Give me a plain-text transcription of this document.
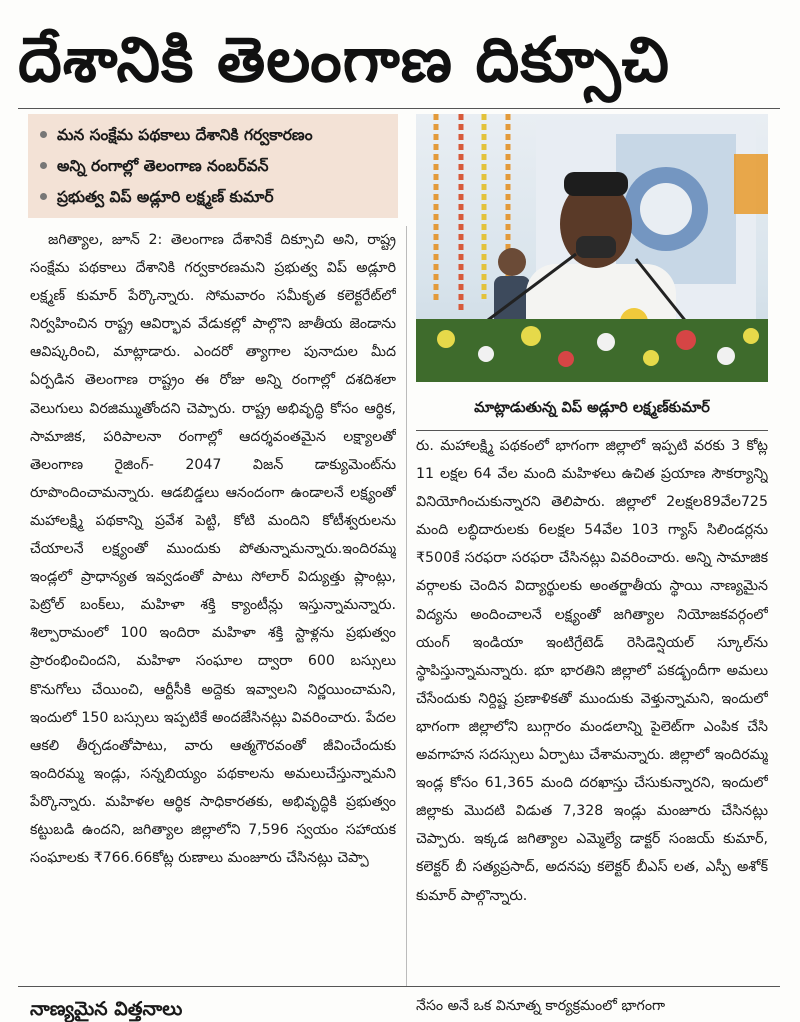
దేశానికి తెలంగాణ దిక్సూచి
మన సంక్షేమ పథకాలు దేశానికి గర్వకారణం
అన్ని రంగాల్లో తెలంగాణ నంబర్‌వన్
ప్రభుత్వ విప్ అడ్లూరి లక్ష్మణ్ కుమార్
మాట్లాడుతున్న విప్ అడ్లూరి లక్ష్మణ్‌కుమార్

జగిత్యాల, జూన్ 2: తెలంగాణ దేశానికే దిక్సూచి అని, రాష్ట్ర సంక్షేమ పథకాలు దేశానికి గర్వకారణమని ప్రభుత్వ విప్ అడ్లూరి లక్ష్మణ్ కుమార్ పేర్కొన్నారు. సోమవారం సమీకృత కలెక్టరేట్‌లో నిర్వహించిన రాష్ట్ర ఆవిర్భావ వేడుకల్లో పాల్గొని జాతీయ జెండాను ఆవిష్కరించి, మాట్లాడారు. ఎందరో త్యాగాల పునాదుల మీద ఏర్పడిన తెలంగాణ రాష్ట్రం ఈ రోజు అన్ని రంగాల్లో దశదిశలా వెలుగులు విరజిమ్ముతోందని చెప్పారు. రాష్ట్ర అభివృద్ధి కోసం ఆర్థిక, సామాజిక, పరిపాలనా రంగాల్లో ఆదర్శవంతమైన లక్ష్యాలతో తెలంగాణ రైజింగ్- 2047 విజన్ డాక్యుమెంట్‌ను రూపొందించామన్నారు. ఆడబిడ్డలు ఆనందంగా ఉండాలనే లక్ష్యంతో మహాలక్ష్మి పథకాన్ని ప్రవేశ పెట్టి, కోటి మందిని కోటీశ్వరులను చేయాలనే లక్ష్యంతో ముందుకు పోతున్నామన్నారు.ఇందిరమ్మ ఇండ్లలో ప్రాధాన్యత ఇవ్వడంతో పాటు సోలార్ విద్యుత్తు ప్లాంట్లు, పెట్రోల్ బంక్‌లు, మహిళా శక్తి క్యాంటీన్లు ఇస్తున్నామన్నారు. శిల్పారామంలో 100 ఇందిరా మహిళా శక్తి స్టాళ్లను ప్రభుత్వం ప్రారంభించిందని, మహిళా సంఘాల ద్వారా 600 బస్సులు కొనుగోలు చేయించి, ఆర్టీసీకి అద్దెకు ఇవ్వాలని నిర్ణయించామని, ఇందులో 150 బస్సులు ఇప్పటికే అందజేసినట్లు వివరించారు. పేదల ఆకలి తీర్చడంతోపాటు, వారు ఆత్మగౌరవంతో జీవించేందుకు ఇందిరమ్మ ఇండ్లు, సన్నబియ్యం పథకాలను అమలుచేస్తున్నామని పేర్కొన్నారు. మహిళల ఆర్థిక సాధికారతకు, అభివృద్ధికి ప్రభుత్వం కట్టుబడి ఉందని, జగిత్యాల జిల్లాలోని 7,596 స్వయం సహాయక సంఘాలకు ₹766.66కోట్ల రుణాలు మంజూరు చేసినట్లు చెప్పా

రు. మహాలక్ష్మి పథకంలో భాగంగా జిల్లాలో ఇప్పటి వరకు 3 కోట్ల 11 లక్షల 64 వేల మంది మహిళలు ఉచిత ప్రయాణ సౌకర్యాన్ని వినియోగించుకున్నారని తెలిపారు. జిల్లాలో 2లక్షల89వేల725 మంది లబ్ధిదారులకు 6లక్షల 54వేల 103 గ్యాస్ సిలిండర్లను ₹500కే సరఫరా సరఫరా చేసినట్లు వివరించారు. అన్ని సామాజిక వర్గాలకు చెందిన విద్యార్థులకు అంతర్జాతీయ స్థాయి నాణ్యమైన విద్యను అందించాలనే లక్ష్యంతో జగిత్యాల నియోజకవర్గంలో యంగ్ ఇండియా ఇంటిగ్రేటెడ్ రెసిడెన్షియల్ స్కూల్‌ను స్థాపిస్తున్నామన్నారు. భూ భారతిని జిల్లాలో పకడ్బందీగా అమలు చేసేందుకు నిర్దిష్ట ప్రణాళికతో ముందుకు వెళ్తున్నామని, ఇందులో భాగంగా జిల్లాలోని బుగ్గారం మండలాన్ని పైలెట్‌గా ఎంపిక చేసి అవగాహన సదస్సులు ఏర్పాటు చేశామన్నారు. జిల్లాలో ఇందిరమ్మ ఇండ్ల కోసం 61,365 మంది దరఖాస్తు చేసుకున్నారని, ఇందులో జిల్లాకు మొదటి విడుత 7,328 ఇండ్లు మంజూరు చేసినట్లు చెప్పారు. ఇక్కడ జగిత్యాల ఎమ్మెల్యే డాక్టర్ సంజయ్ కుమార్, కలెక్టర్ బీ సత్యప్రసాద్, అదనపు కలెక్టర్ బీఎస్ లత, ఎస్పీ అశోక్ కుమార్ పాల్గొన్నారు.

నాణ్యమైన విత్తనాలు	నేసం అనే ఒక వినూత్న కార్యక్రమంలో భాగంగా
